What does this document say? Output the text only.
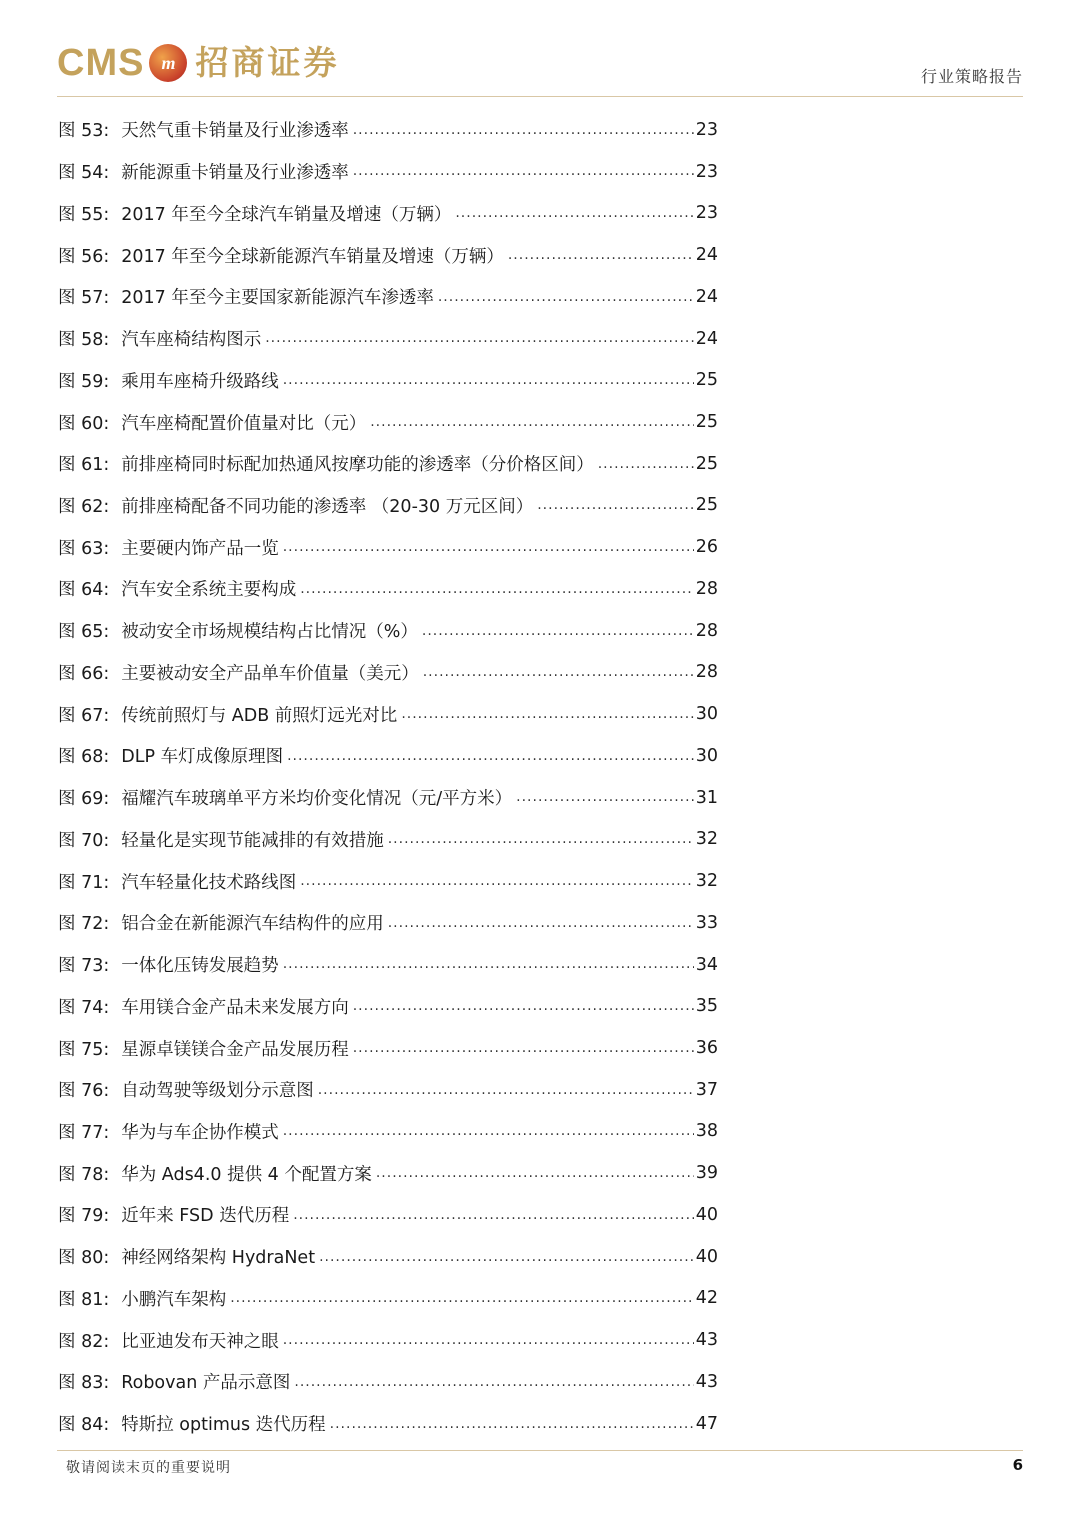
CMS m 招商证券	行业策略报告
图 53: 天然气重卡销量及行业渗透率 .....	23
图 54: 新能源重卡销量及行业渗透率 .....	23
图 55: 2017 年至今全球汽车销量及增速（万辆） .....	23
图 56: 2017 年至今全球新能源汽车销量及增速（万辆） .....	24
图 57: 2017 年至今主要国家新能源汽车渗透率 .....	24
图 58: 汽车座椅结构图示 .....	24
图 59: 乘用车座椅升级路线 .....	25
图 60: 汽车座椅配置价值量对比（元） .....	25
图 61: 前排座椅同时标配加热通风按摩功能的渗透率（分价格区间） .....	25
图 62: 前排座椅配备不同功能的渗透率 （20-30 万元区间） .....	25
图 63: 主要硬内饰产品一览 .....	26
图 64: 汽车安全系统主要构成 .....	28
图 65: 被动安全市场规模结构占比情况（%） .....	28
图 66: 主要被动安全产品单车价值量（美元） .....	28
图 67: 传统前照灯与 ADB 前照灯远光对比 .....	30
图 68: DLP 车灯成像原理图 .....	30
图 69: 福耀汽车玻璃单平方米均价变化情况（元/平方米） .....	31
图 70: 轻量化是实现节能减排的有效措施 .....	32
图 71: 汽车轻量化技术路线图 .....	32
图 72: 铝合金在新能源汽车结构件的应用 .....	33
图 73: 一体化压铸发展趋势 .....	34
图 74: 车用镁合金产品未来发展方向 .....	35
图 75: 星源卓镁镁合金产品发展历程 .....	36
图 76: 自动驾驶等级划分示意图 .....	37
图 77: 华为与车企协作模式 .....	38
图 78: 华为 Ads4.0 提供 4 个配置方案 .....	39
图 79: 近年来 FSD 迭代历程 .....	40
图 80: 神经网络架构 HydraNet .....	40
图 81: 小鹏汽车架构 .....	42
图 82: 比亚迪发布天神之眼 .....	43
图 83: Robovan 产品示意图 .....	43
图 84: 特斯拉 optimus 迭代历程 .....	47
敬请阅读末页的重要说明	6
